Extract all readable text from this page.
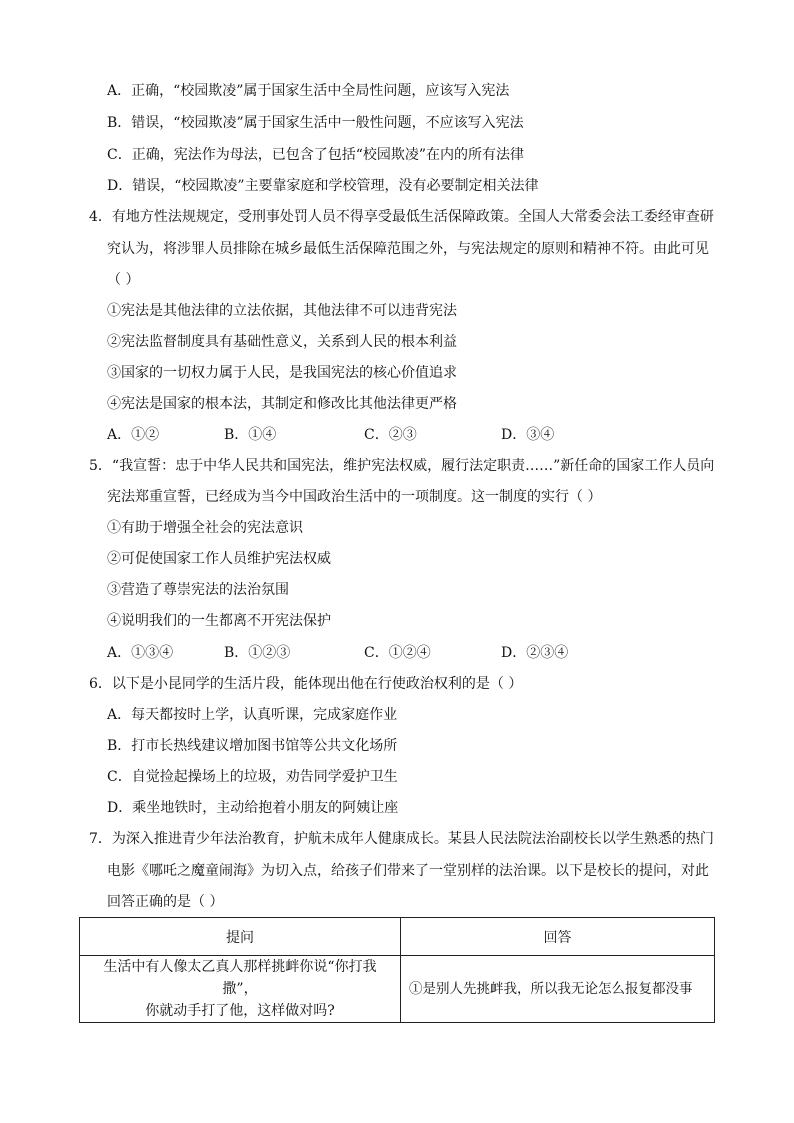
A．正确，“校园欺凌”属于国家生活中全局性问题，应该写入宪法
B．错误，“校园欺凌”属于国家生活中一般性问题，不应该写入宪法
C．正确，宪法作为母法，已包含了包括“校园欺凌”在内的所有法律
D．错误，“校园欺凌”主要靠家庭和学校管理，没有必要制定相关法律
4．有地方性法规规定，受刑事处罚人员不得享受最低生活保障政策。全国人大常委会法工委经审查研
究认为，将涉罪人员排除在城乡最低生活保障范围之外，与宪法规定的原则和精神不符。由此可见
（ ）
①宪法是其他法律的立法依据，其他法律不可以违背宪法
②宪法监督制度具有基础性意义，关系到人民的根本利益
③国家的一切权力属于人民，是我国宪法的核心价值追求
④宪法是国家的根本法，其制定和修改比其他法律更严格
A．①②	B．①④	C．②③	D．③④
5．“我宣誓：忠于中华人民共和国宪法，维护宪法权威，履行法定职责……”新任命的国家工作人员向
宪法郑重宣誓，已经成为当今中国政治生活中的一项制度。这一制度的实行（ ）
①有助于增强全社会的宪法意识
②可促使国家工作人员维护宪法权威
③营造了尊崇宪法的法治氛围
④说明我们的一生都离不开宪法保护
A．①③④	B．①②③	C．①②④	D．②③④
6．以下是小昆同学的生活片段，能体现出他在行使政治权利的是（ ）
A．每天都按时上学，认真听课，完成家庭作业
B．打市长热线建议增加图书馆等公共文化场所
C．自觉捡起操场上的垃圾，劝告同学爱护卫生
D．乘坐地铁时，主动给抱着小朋友的阿姨让座
7．为深入推进青少年法治教育，护航未成年人健康成长。某县人民法院法治副校长以学生熟悉的热门
电影《哪吒之魔童闹海》为切入点，给孩子们带来了一堂别样的法治课。以下是校长的提问，对此
回答正确的是（ ）
提问	回答

生活中有人像太乙真人那样挑衅你说“你打我撒”，
你就动手打了他，这样做对吗?	①是别人先挑衅我，所以我无论怎么报复都没事
